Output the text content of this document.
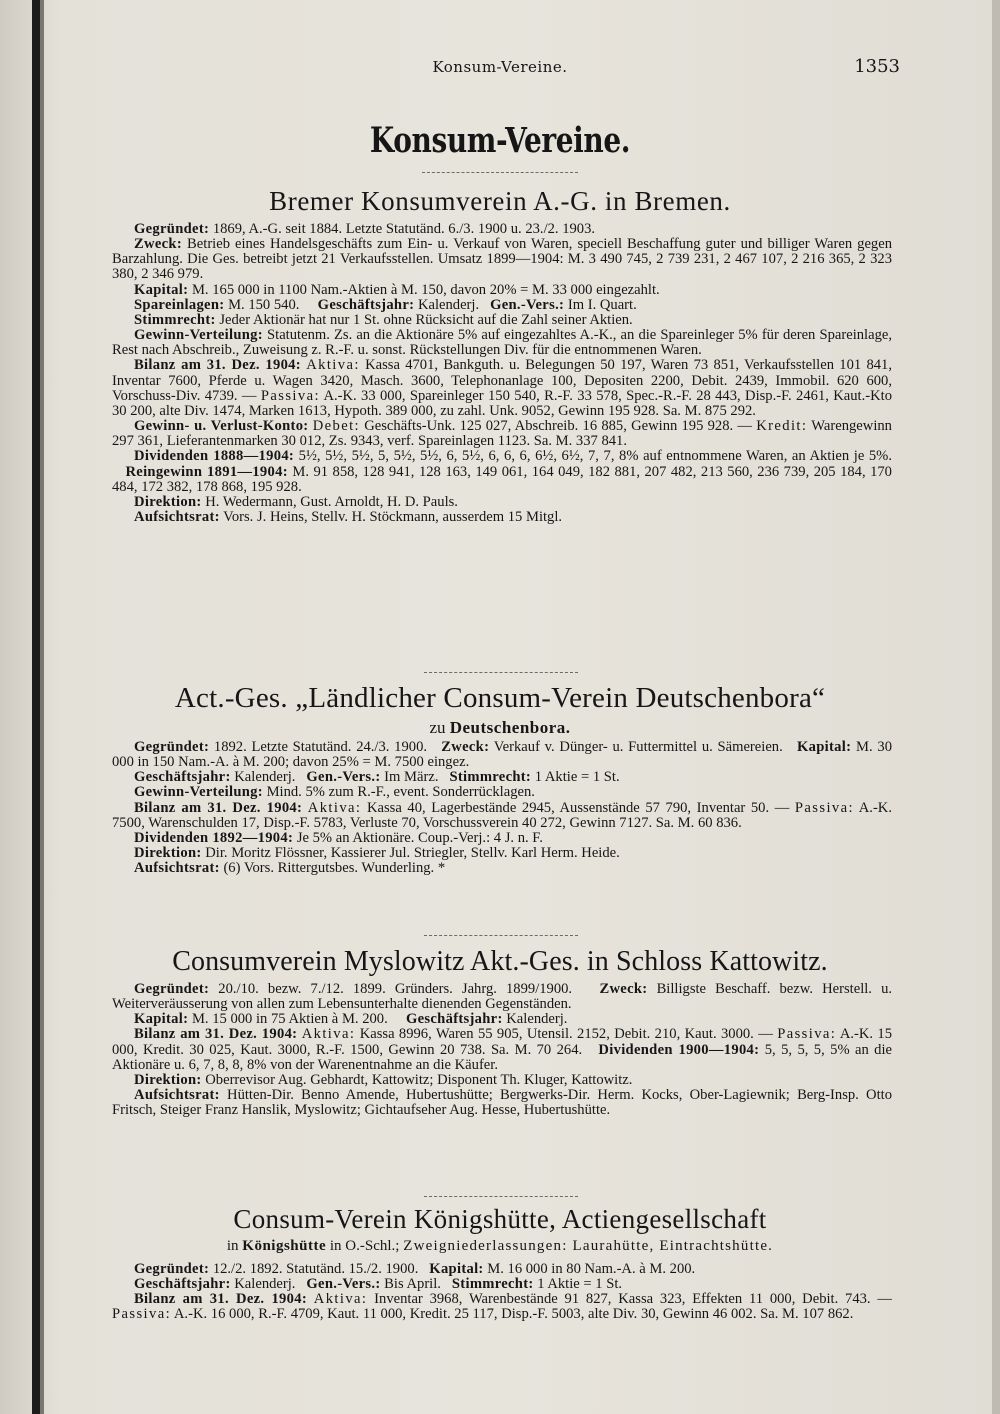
Konsum-Vereine.	1353
Konsum-Vereine.
Bremer Konsumverein A.-G. in Bremen.

Gegründet: 1869, A.-G. seit 1884. Letzte Statutänd. 6./3. 1900 u. 23./2. 1903.

Zweck: Betrieb eines Handelsgeschäfts zum Ein- u. Verkauf von Waren, speciell Beschaffung guter und billiger Waren gegen Barzahlung. Die Ges. betreibt jetzt 21 Verkaufsstellen. Umsatz 1899—1904: M. 3 490 745, 2 739 231, 2 467 107, 2 216 365, 2 323 380, 2 346 979.

Kapital: M. 165 000 in 1100 Nam.-Aktien à M. 150, davon 20% = M. 33 000 eingezahlt.

Spareinlagen: M. 150 540. Geschäftsjahr: Kalenderj. Gen.-Vers.: Im I. Quart.

Stimmrecht: Jeder Aktionär hat nur 1 St. ohne Rücksicht auf die Zahl seiner Aktien.

Gewinn-Verteilung: Statutenm. Zs. an die Aktionäre 5% auf eingezahltes A.-K., an die Spareinleger 5% für deren Spareinlage, Rest nach Abschreib., Zuweisung z. R.-F. u. sonst. Rückstellungen Div. für die entnommenen Waren.

Bilanz am 31. Dez. 1904: Aktiva: Kassa 4701, Bankguth. u. Belegungen 50 197, Waren 73 851, Verkaufsstellen 101 841, Inventar 7600, Pferde u. Wagen 3420, Masch. 3600, Telephonanlage 100, Depositen 2200, Debit. 2439, Immobil. 620 600, Vorschuss-Div. 4739. — Passiva: A.-K. 33 000, Spareinleger 150 540, R.-F. 33 578, Spec.-R.-F. 28 443, Disp.-F. 2461, Kaut.-Kto 30 200, alte Div. 1474, Marken 1613, Hypoth. 389 000, zu zahl. Unk. 9052, Gewinn 195 928. Sa. M. 875 292.

Gewinn- u. Verlust-Konto: Debet: Geschäfts-Unk. 125 027, Abschreib. 16 885, Gewinn 195 928. — Kredit: Warengewinn 297 361, Lieferantenmarken 30 012, Zs. 9343, verf. Spareinlagen 1123. Sa. M. 337 841.

Dividenden 1888—1904: 5½, 5½, 5½, 5, 5½, 5½, 6, 5½, 6, 6, 6, 6½, 6½, 7, 7, 8% auf entnommene Waren, an Aktien je 5%.    Reingewinn 1891—1904: M. 91 858, 128 941, 128 163, 149 061, 164 049, 182 881, 207 482, 213 560, 236 739, 205 184, 170 484, 172 382, 178 868, 195 928.

Direktion: H. Wedermann, Gust. Arnoldt, H. D. Pauls.

Aufsichtsrat: Vors. J. Heins, Stellv. H. Stöckmann, ausserdem 15 Mitgl.

Act.-Ges. „Ländlicher Consum-Verein Deutschenbora“
zu Deutschenbora.

Gegründet: 1892. Letzte Statutänd. 24./3. 1900. Zweck: Verkauf v. Dünger- u. Futtermittel u. Sämereien. Kapital: M. 30 000 in 150 Nam.-A. à M. 200; davon 25% = M. 7500 eingez.

Geschäftsjahr: Kalenderj. Gen.-Vers.: Im März. Stimmrecht: 1 Aktie = 1 St.

Gewinn-Verteilung: Mind. 5% zum R.-F., event. Sonderrücklagen.

Bilanz am 31. Dez. 1904: Aktiva: Kassa 40, Lagerbestände 2945, Aussenstände 57 790, Inventar 50. — Passiva: A.-K. 7500, Warenschulden 17, Disp.-F. 5783, Verluste 70, Vorschussverein 40 272, Gewinn 7127. Sa. M. 60 836.

Dividenden 1892—1904: Je 5% an Aktionäre. Coup.-Verj.: 4 J. n. F.

Direktion: Dir. Moritz Flössner, Kassierer Jul. Striegler, Stellv. Karl Herm. Heide.

Aufsichtsrat: (6) Vors. Rittergutsbes. Wunderling. *

Consumverein Myslowitz Akt.-Ges. in Schloss Kattowitz.

Gegründet: 20./10. bezw. 7./12. 1899. Gründers. Jahrg. 1899/1900. Zweck: Billigste Beschaff. bezw. Herstell. u. Weiterveräusserung von allen zum Lebensunterhalte dienenden Gegenständen.

Kapital: M. 15 000 in 75 Aktien à M. 200. Geschäftsjahr: Kalenderj.

Bilanz am 31. Dez. 1904: Aktiva: Kassa 8996, Waren 55 905, Utensil. 2152, Debit. 210, Kaut. 3000. — Passiva: A.-K. 15 000, Kredit. 30 025, Kaut. 3000, R.-F. 1500, Gewinn 20 738. Sa. M. 70 264. Dividenden 1900—1904: 5, 5, 5, 5, 5% an die Aktionäre u. 6, 7, 8, 8, 8% von der Warenentnahme an die Käufer.

Direktion: Oberrevisor Aug. Gebhardt, Kattowitz; Disponent Th. Kluger, Kattowitz.

Aufsichtsrat: Hütten-Dir. Benno Amende, Hubertushütte; Bergwerks-Dir. Herm. Kocks, Ober-Lagiewnik; Berg-Insp. Otto Fritsch, Steiger Franz Hanslik, Myslowitz; Gichtaufseher Aug. Hesse, Hubertushütte.

Consum-Verein Königshütte, Actiengesellschaft
in Königshütte in O.-Schl.; Zweigniederlassungen: Laurahütte, Eintrachtshütte.

Gegründet: 12./2. 1892. Statutänd. 15./2. 1900. Kapital: M. 16 000 in 80 Nam.-A. à M. 200.

Geschäftsjahr: Kalenderj. Gen.-Vers.: Bis April. Stimmrecht: 1 Aktie = 1 St.

Bilanz am 31. Dez. 1904: Aktiva: Inventar 3968, Warenbestände 91 827, Kassa 323, Effekten 11 000, Debit. 743. — Passiva: A.-K. 16 000, R.-F. 4709, Kaut. 11 000, Kredit. 25 117, Disp.-F. 5003, alte Div. 30, Gewinn 46 002. Sa. M. 107 862.
